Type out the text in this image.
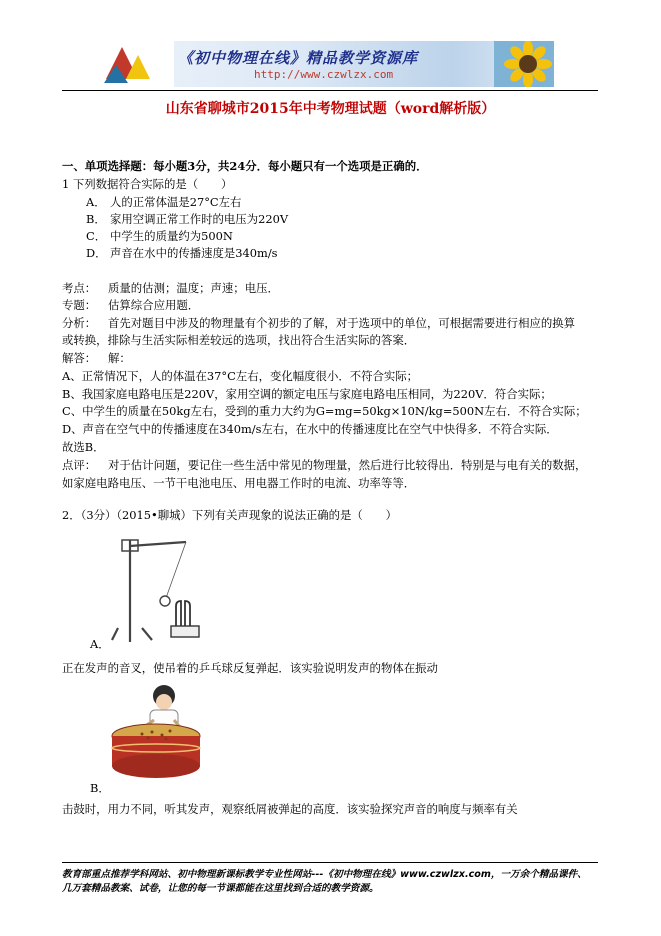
《初中物理在线》精品教学资源库
http://www.czwlzx.com
山东省聊城市2015年中考物理试题（word解析版）
一、单项选择题：每小题3分，共24分．每小题只有一个选项是正确的．
1 下列数据符合实际的是（　　）
A． 人的正常体温是27°C左右
B． 家用空调正常工作时的电压为220V
C． 中学生的质量约为500N
D． 声音在水中的传播速度是340m/s
考点： 质量的估测；温度；声速；电压．
专题： 估算综合应用题．
分析： 首先对题目中涉及的物理量有个初步的了解，对于选项中的单位，可根据需要进行相应的换算
或转换，排除与生活实际相差较远的选项，找出符合生活实际的答案．
解答： 解：
A、正常情况下，人的体温在37°C左右，变化幅度很小．不符合实际；
B、我国家庭电路电压是220V，家用空调的额定电压与家庭电路电压相同，为220V．符合实际；
C、中学生的质量在50kg左右，受到的重力大约为G=mg=50kg×10N/kg=500N左右．不符合实际；
D、声音在空气中的传播速度在340m/s左右，在水中的传播速度比在空气中快得多．不符合实际．
故选B．
点评： 对于估计问题，要记住一些生活中常见的物理量，然后进行比较得出．特别是与电有关的数据，
如家庭电路电压、一节干电池电压、用电器工作时的电流、功率等等．
2．（3分）（2015•聊城）下列有关声现象的说法正确的是（　　）
A．
正在发声的音叉，使吊着的乒乓球反复弹起．该实验说明发声的物体在振动
B．
击鼓时，用力不同，听其发声，观察纸屑被弹起的高度．该实验探究声音的响度与频率有关
教育部重点推荐学科网站、初中物理新课标教学专业性网站---《初中物理在线》www.czwlzx.com，一万余个精品课件、
几万套精品教案、试卷，让您的每一节课都能在这里找到合适的教学资源。
